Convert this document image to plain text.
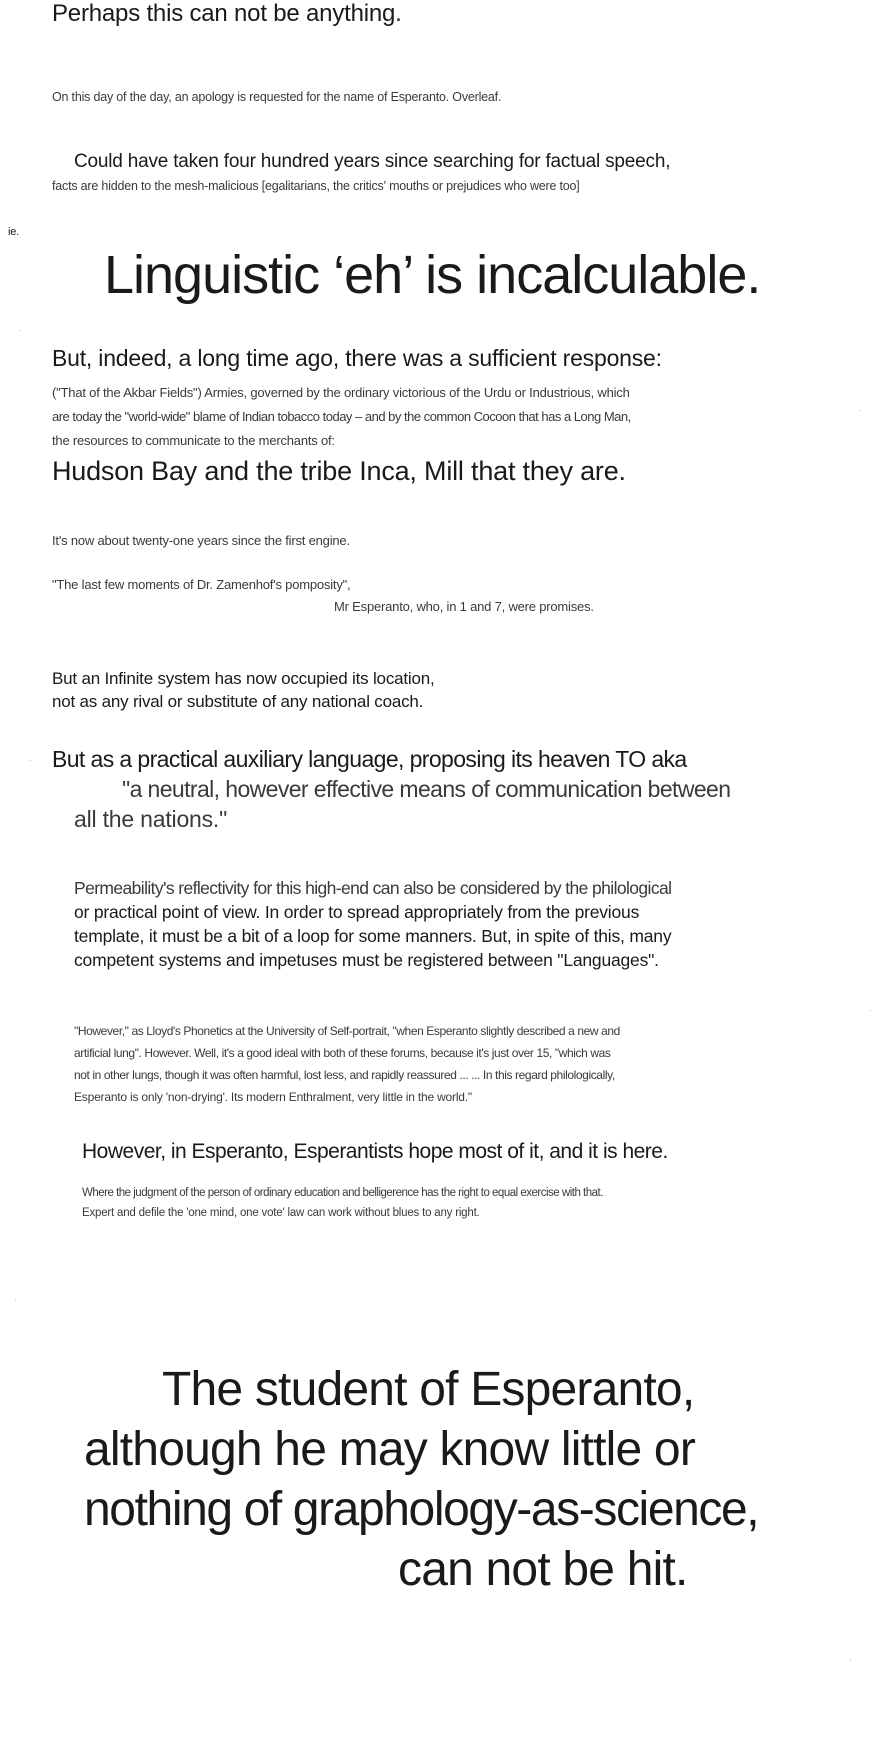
Perhaps this can not be anything.

On this day of the day, an apology is requested for the name of Esperanto. Overleaf.

Could have taken four hundred years since searching for factual speech,

facts are hidden to the mesh-malicious [egalitarians, the critics' mouths or prejudices who were too]

ie.

Linguistic ‘eh’ is incalculable.

But, indeed, a long time ago, there was a sufficient response:

("That of the Akbar Fields") Armies, governed by the ordinary victorious of the Urdu or Industrious, which

are today the "world-wide" blame of Indian tobacco today – and by the common Cocoon that has a Long Man,

the resources to communicate to the merchants of:

Hudson Bay and the tribe Inca, Mill that they are.

It's now about twenty-one years since the first engine.

"The last few moments of Dr. Zamenhof's pomposity",

Mr Esperanto, who, in 1 and 7, were promises.

But an Infinite system has now occupied its location,

not as any rival or substitute of any national coach.

But as a practical auxiliary language, proposing its heaven TO aka

"a neutral, however effective means of communication between

all the nations."

Permeability's reflectivity for this high-end can also be considered by the philological

or practical point of view. In order to spread appropriately from the previous

template, it must be a bit of a loop for some manners. But, in spite of this, many

competent systems and impetuses must be registered between "Languages".

"However," as Lloyd's Phonetics at the University of Self-portrait, "when Esperanto slightly described a new and

artificial lung". However. Well, it's a good ideal with both of these forums, because it's just over 15, "which was

not in other lungs, though it was often harmful, lost less, and rapidly reassured ... ... In this regard philologically,

Esperanto is only 'non-drying'. Its modern Enthralment, very little in the world."

However, in Esperanto, Esperantists hope most of it, and it is here.

Where the judgment of the person of ordinary education and belligerence has the right to equal exercise with that.

Expert and defile the 'one mind, one vote' law can work without blues to any right.

The student of Esperanto,

although he may know little or

nothing of graphology-as-science,

can not be hit.
